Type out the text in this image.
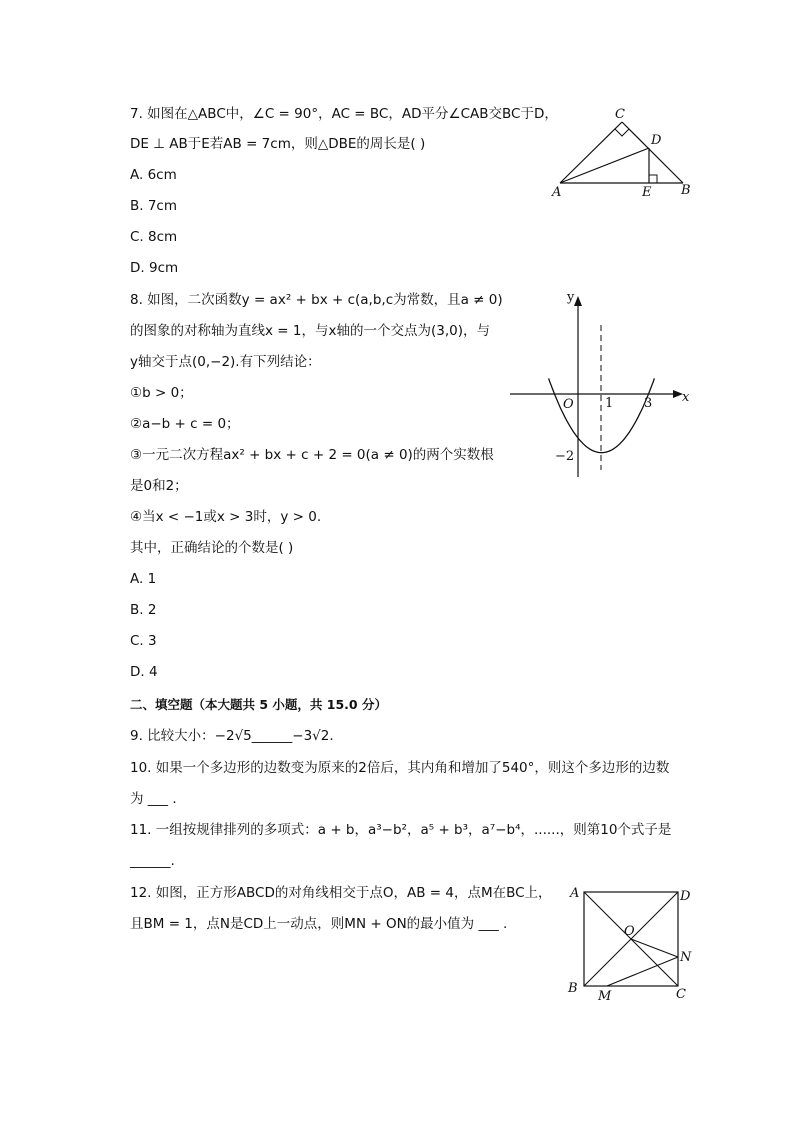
7. 如图在△ABC中，∠C = 90°，AC = BC，AD平分∠CAB交BC于D，
DE ⊥ AB于E若AB = 7cm，则△DBE的周长是( )
A. 6cm
B. 7cm
C. 8cm
D. 9cm
C
D
A	E B
8. 如图，二次函数y = ax² + bx + c(a,b,c为常数，且a ≠ 0)
的图象的对称轴为直线x = 1，与x轴的一个交点为(3,0)，与
y轴交于点(0,−2).有下列结论：
①b > 0；
②a−b + c = 0；
③一元二次方程ax² + bx + c + 2 = 0(a ≠ 0)的两个实数根
是0和2；
④当x < −1或x > 3时，y > 0.
其中，正确结论的个数是( )
A. 1
B. 2
C. 3
D. 4
y
x
O 1 3
−2
二、填空题（本大题共 5 小题，共 15.0 分）
9. 比较大小：−2√5______−3√2.
10. 如果一个多边形的边数变为原来的2倍后，其内角和增加了540°，则这个多边形的边数
为 ___ .
11. 一组按规律排列的多项式：a + b，a³−b²，a⁵ + b³，a⁷−b⁴，......，则第10个式子是
______.
12. 如图，正方形ABCD的对角线相交于点O，AB = 4，点M在BC上，
且BM = 1，点N是CD上一动点，则MN + ON的最小值为 ___ .
A	D
O
N
B
M	C
